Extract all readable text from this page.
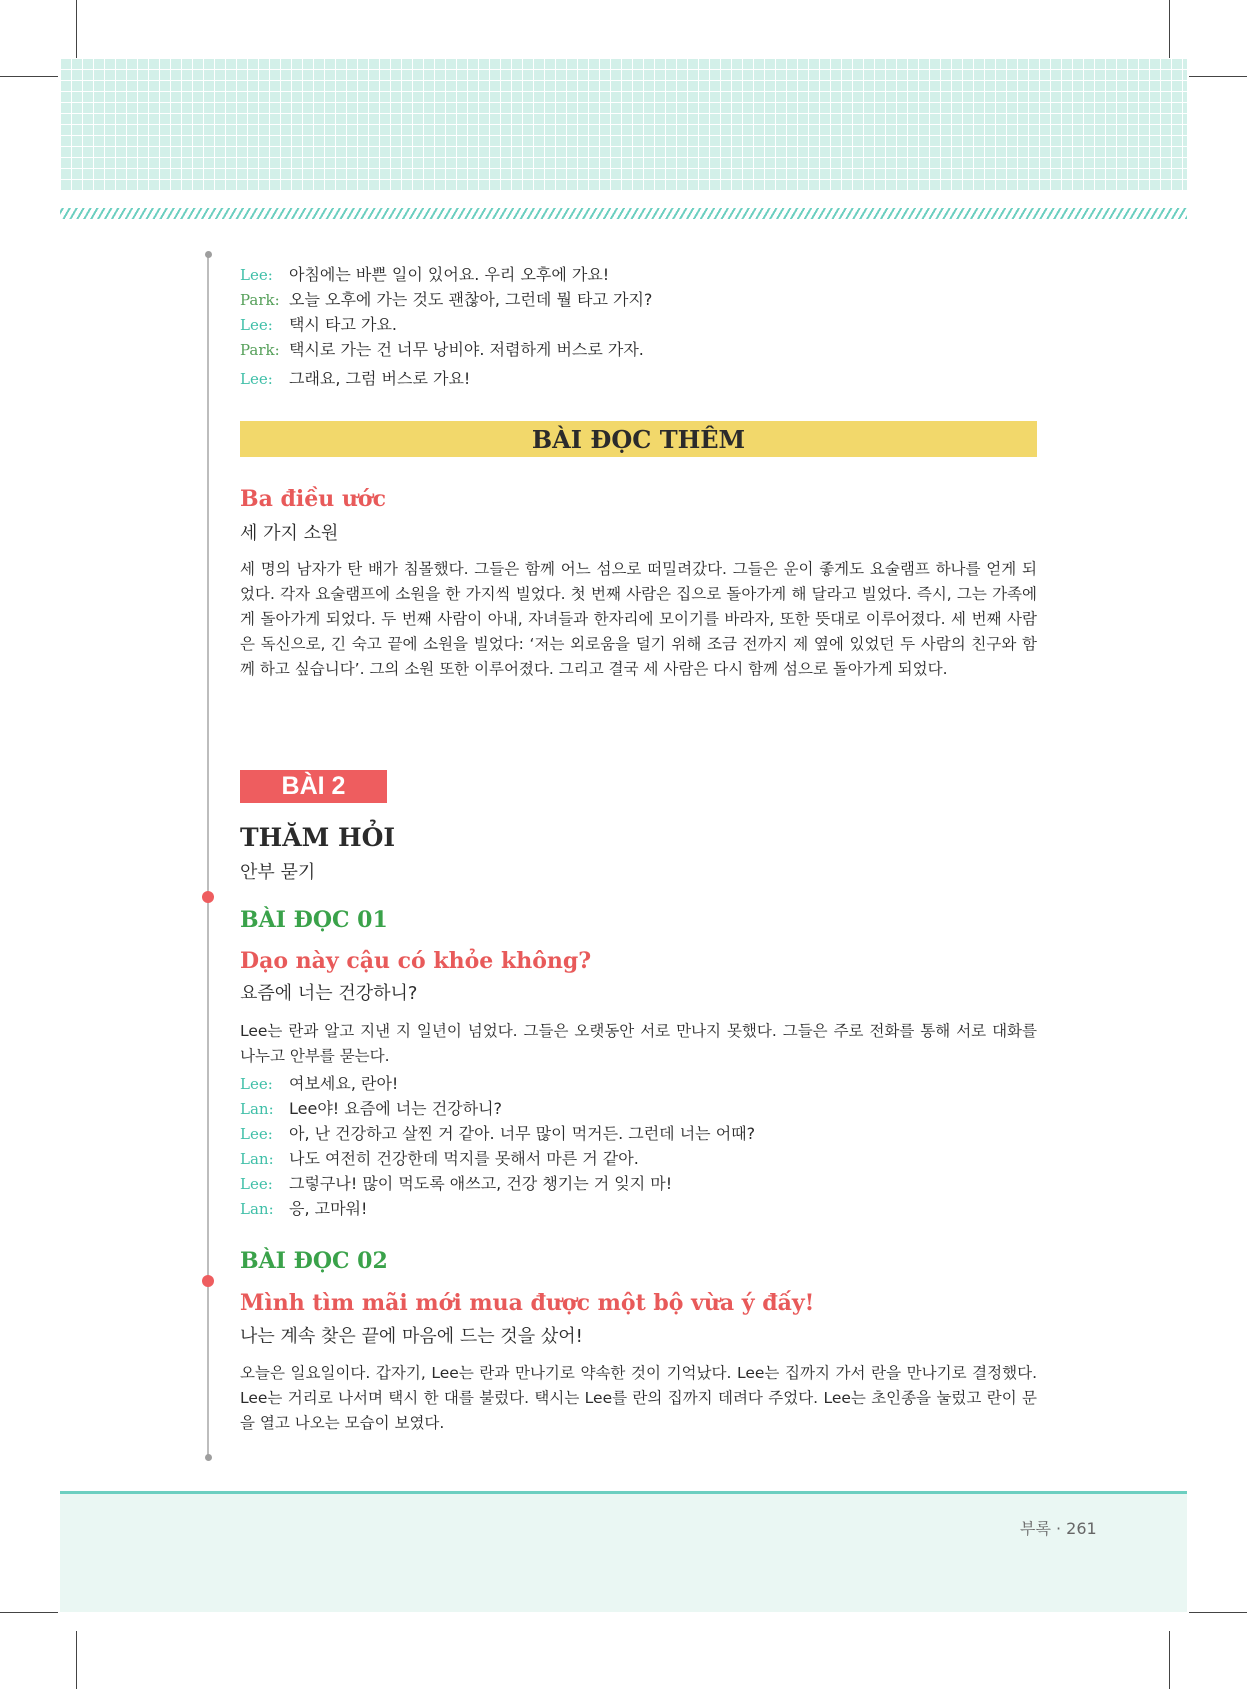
Lee:	아침에는 바쁜 일이 있어요. 우리 오후에 가요!
Park: 오늘 오후에 가는 것도 괜찮아, 그런데 뭘 타고 가지?
Lee:	택시 타고 가요.
Park: 택시로 가는 건 너무 낭비야. 저렴하게 버스로 가자.
Lee:	그래요, 그럼 버스로 가요!
BÀI ĐỌC THÊM
Ba điều ước
세 가지 소원

세 명의 남자가 탄 배가 침몰했다. 그들은 함께 어느 섬으로 떠밀려갔다. 그들은 운이 좋게도 요술램프 하나를 얻게 되었다. 각자 요술램프에 소원을 한 가지씩 빌었다. 첫 번째 사람은 집으로 돌아가게 해 달라고 빌었다. 즉시, 그는 가족에게 돌아가게 되었다. 두 번째 사람이 아내, 자녀들과 한자리에 모이기를 바라자, 또한 뜻대로 이루어졌다. 세 번째 사람은 독신으로, 긴 숙고 끝에 소원을 빌었다: ‘저는 외로움을 덜기 위해 조금 전까지 제 옆에 있었던 두 사람의 친구와 함께 하고 싶습니다’. 그의 소원 또한 이루어졌다. 그리고 결국 세 사람은 다시 함께 섬으로 돌아가게 되었다.

BÀI 2
THĂM HỎI
안부 묻기
BÀI ĐỌC 01
Dạo này cậu có khỏe không?
요즘에 너는 건강하니?

Lee는 란과 알고 지낸 지 일년이 넘었다. 그들은 오랫동안 서로 만나지 못했다. 그들은 주로 전화를 통해 서로 대화를 나누고 안부를 묻는다.

Lee:	여보세요, 란아!
Lan: Lee야! 요즘에 너는 건강하니?
Lee:	아, 난 건강하고 살찐 거 같아. 너무 많이 먹거든. 그런데 너는 어때?
Lan: 나도 여전히 건강한데 먹지를 못해서 마른 거 같아.
Lee:	그렇구나! 많이 먹도록 애쓰고, 건강 챙기는 거 잊지 마!
Lan: 응, 고마워!
BÀI ĐỌC 02
Mình tìm mãi mới mua được một bộ vừa ý đấy!
나는 계속 찾은 끝에 마음에 드는 것을 샀어!

오늘은 일요일이다. 갑자기, Lee는 란과 만나기로 약속한 것이 기억났다. Lee는 집까지 가서 란을 만나기로 결정했다. Lee는 거리로 나서며 택시 한 대를 불렀다. 택시는 Lee를 란의 집까지 데려다 주었다. Lee는 초인종을 눌렀고 란이 문을 열고 나오는 모습이 보였다.

부록 · 261
